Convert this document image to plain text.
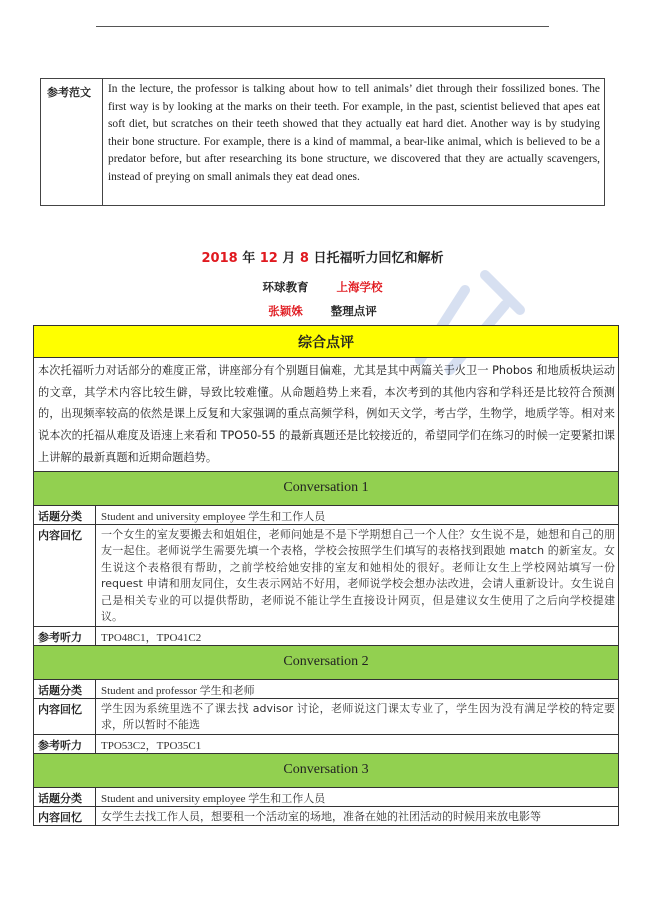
参考范文	In the lecture, the professor is talking about how to tell animals’ diet through their fossilized bones. The first way is by looking at the marks on their teeth. For example, in the past, scientist believed that apes eat soft diet, but scratches on their teeth showed that they actually eat hard diet. Another way is by studying their bone structure. For example, there is a kind of mammal, a bear-like animal, which is believed to be a predator before, but after researching its bone structure, we discovered that they are actually scavengers, instead of preying on small animals they eat dead ones.
2018 年 12 月 8 日托福听力回忆和解析
环球教育 上海学校
张颖姝 整理点评
综合点评
本次托福听力对话部分的难度正常，讲座部分有个别题目偏难，尤其是其中两篇关于火卫一 Phobos 和地质板块运动的文章，其学术内容比较生僻，导致比较难懂。从命题趋势上来看，本次考到的其他内容和学科还是比较符合预测的，出现频率较高的依然是课上反复和大家强调的重点高频学科，例如天文学，考古学，生物学，地质学等。相对来说本次的托福从难度及语速上来看和 TPO50-55 的最新真题还是比较接近的，希望同学们在练习的时候一定要紧扣课上讲解的最新真题和近期命题趋势。
Conversation 1
话题分类	Student and university employee 学生和工作人员
内容回忆	一个女生的室友要搬去和姐姐住，老师问她是不是下学期想自己一个人住？女生说不是，她想和自己的朋友一起住。老师说学生需要先填一个表格，学校会按照学生们填写的表格找到跟她 match 的新室友。女生说这个表格很有帮助，之前学校给她安排的室友和她相处的很好。老师让女生上学校网站填写一份 request 申请和朋友同住，女生表示网站不好用，老师说学校会想办法改进，会请人重新设计。女生说自己是相关专业的可以提供帮助，老师说不能让学生直接设计网页，但是建议女生使用了之后向学校提建议。
参考听力	TPO48C1，TPO41C2
Conversation 2
话题分类	Student and professor 学生和老师
内容回忆	学生因为系统里选不了课去找 advisor 讨论，老师说这门课太专业了，学生因为没有满足学校的特定要求，所以暂时不能选
参考听力	TPO53C2，TPO35C1
Conversation 3
话题分类	Student and university employee 学生和工作人员
内容回忆	女学生去找工作人员，想要租一个活动室的场地，准备在她的社团活动的时候用来放电影等
